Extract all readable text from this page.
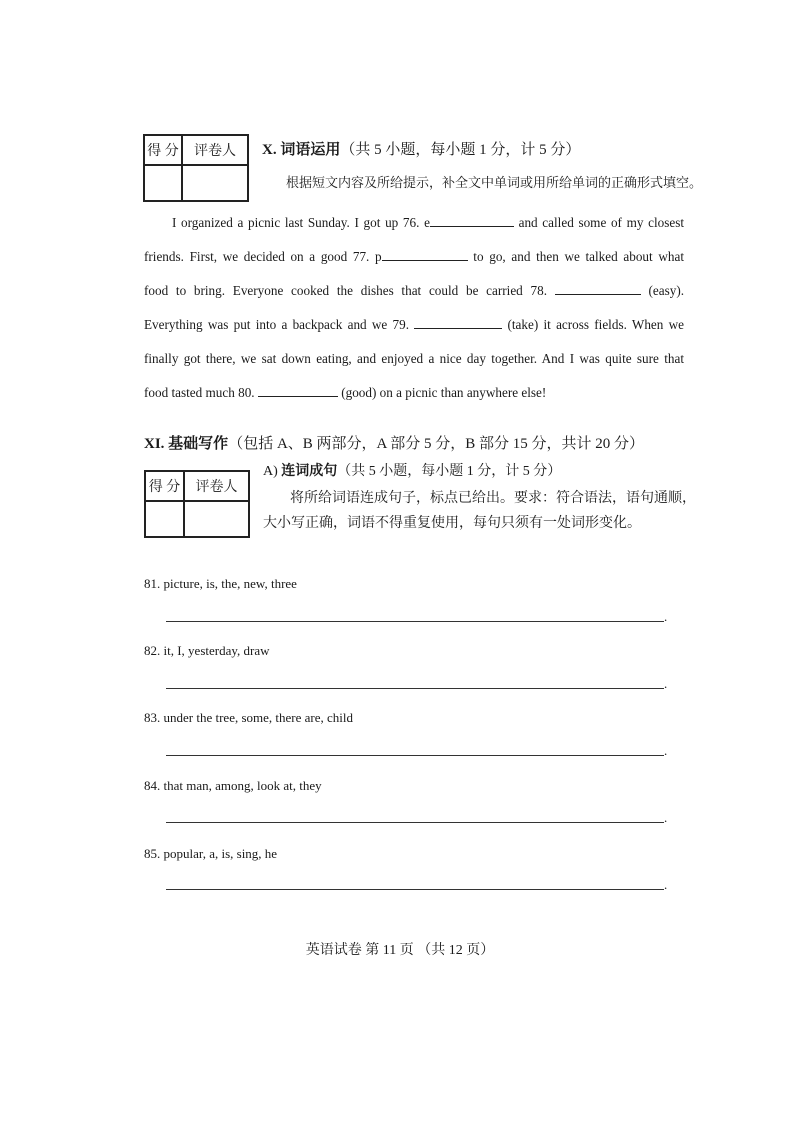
得 分	评卷人
	X. 词语运用（共 5 小题，每小题 1 分，计 5 分）
根据短文内容及所给提示，补全文中单词或用所给单词的正确形式填空。
I organized a picnic last Sunday. I got up 76. e	and called some of my closest
friends. First, we decided on a good 77. p	to go, and then we talked about what
food to bring. Everyone cooked the dishes that could be carried 78.	(easy).
Everything was put into a backpack and we 79.	(take) it across fields. When we
finally got there, we sat down eating, and enjoyed a nice day together. And I was quite sure that
food tasted much 80.	(good) on a picnic than anywhere else!
XI. 基础写作（包括 A、B 两部分，A 部分 5 分，B 部分 15 分，共计 20 分）
得 分	评卷人

A) 连词成句（共 5 小题，每小题 1 分，计 5 分）
将所给词语连成句子，标点已给出。要求：符合语法，语句通顺，
大小写正确，词语不得重复使用，每句只须有一处词形变化。
81. picture, is, the, new, three
.
82. it, I, yesterday, draw
.
83. under the tree, some, there are, child
.
84. that man, among, look at, they
.
85. popular, a, is, sing, he
.
英语试卷 第 11 页 （共 12 页）
